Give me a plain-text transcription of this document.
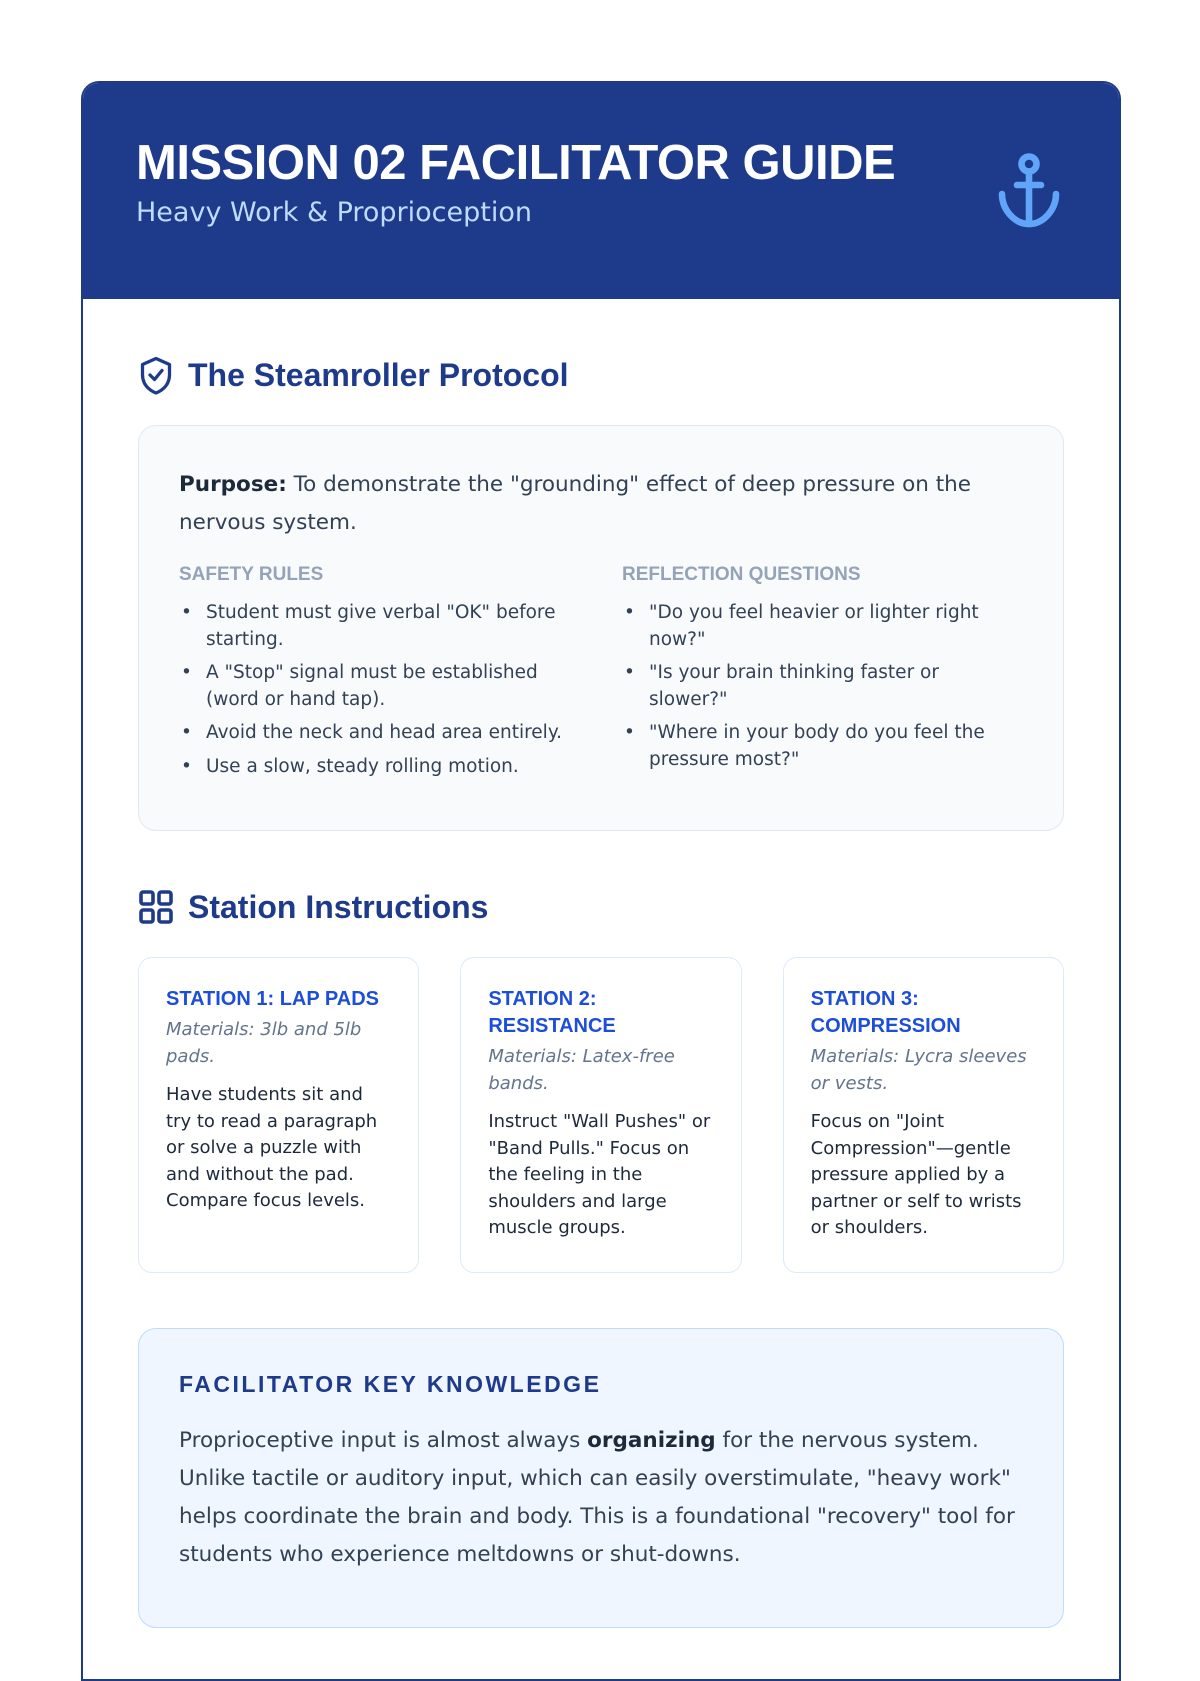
MISSION 02 FACILITATOR GUIDE
Heavy Work & Proprioception
The Steamroller Protocol

Purpose: To demonstrate the "grounding" effect of deep pressure on the nervous system.

SAFETY RULES
• Student must give verbal "OK" before starting.
• A "Stop" signal must be established (word or hand tap).
• Avoid the neck and head area entirely.
• Use a slow, steady rolling motion.
REFLECTION QUESTIONS
• "Do you feel heavier or lighter right now?"
• "Is your brain thinking faster or slower?"
• "Where in your body do you feel the pressure most?"
Station Instructions
STATION 1: LAP PADS
Materials: 3lb and 5lb pads.
Have students sit and try to read a paragraph or solve a puzzle with and without the pad. Compare focus levels.
STATION 2: RESISTANCE
Materials: Latex-free bands.
Instruct "Wall Pushes" or "Band Pulls." Focus on the feeling in the shoulders and large muscle groups.
STATION 3: COMPRESSION
Materials: Lycra sleeves or vests.
Focus on "Joint Compression"—gentle pressure applied by a partner or self to wrists or shoulders.
FACILITATOR KEY KNOWLEDGE

Proprioceptive input is almost always organizing for the nervous system. Unlike tactile or auditory input, which can easily overstimulate, "heavy work" helps coordinate the brain and body. This is a foundational "recovery" tool for students who experience meltdowns or shut-downs.
